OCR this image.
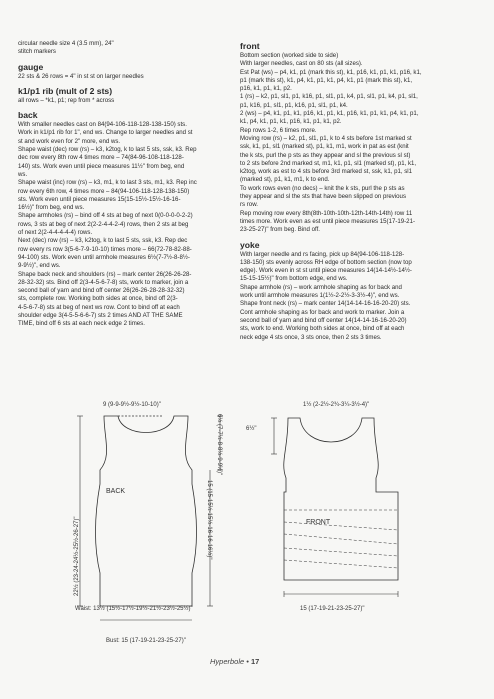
circular needle size 4 (3.5 mm), 24"

stitch markers

gauge

22 sts & 26 rows = 4" in st st on larger needles

k1/p1 rib (mult of 2 sts)

all rows – *k1, p1; rep from * across

back

With smaller needles cast on 84(94-106-118-128-138-150) sts.

Work in k1/p1 rib for 1", end ws. Change to larger needles and st

st and work even for 2" more, end ws.

Shape waist (dec) row (rs) – k3, k2tog, k to last 5 sts, ssk, k3. Rep

dec row every 8th row 4 times more – 74(84-96-108-118-128-

140) sts. Work even until piece measures 11½" from beg, end

ws.

Shape waist (inc) row (rs) – k3, m1, k to last 3 sts, m1, k3. Rep inc

row every 6th row, 4 times more – 84(94-106-118-128-138-150)

sts. Work even until piece measures 15(15-15½-15½-16-16-

16½)" from beg, end ws.

Shape armholes (rs) – bind off 4 sts at beg of next 0(0-0-0-0-2-2)

rows, 3 sts at beg of next 2(2-2-4-4-2-4) rows, then 2 sts at beg

of next 2(2-4-4-4-4-4) rows.

Next (dec) row (rs) – k3, k2tog, k to last 5 sts, ssk, k3. Rep dec

row every rs row 3(5-6-7-9-10-10) times more – 66(72-78-82-88-

94-100) sts. Work even until armhole measures 6½(7-7½-8-8½-

9-9½)", end ws.

Shape back neck and shoulders (rs) – mark center 26(26-26-28-

28-32-32) sts. Bind off 2(3-4-5-6-7-8) sts, work to marker, join a

second ball of yarn and bind off center 26(26-26-28-28-32-32)

sts, complete row. Working both sides at once, bind off 2(3-

4-5-6-7-8) sts at beg of next ws row. Cont to bind off at each

shoulder edge 3(4-5-5-6-6-7) sts 2 times AND AT THE SAME

TIME, bind off 6 sts at each neck edge 2 times.

front

Bottom section (worked side to side)

With larger needles, cast on 80 sts (all sizes).

Est Pat (ws) – p4, k1, p1 (mark this st), k1, p16, k1, p1, k1, p16, k1,

p1 (mark this st), k1, p4, k1, p1, k1, p4, k1, p1 (mark this st), k1,

p16, k1, p1, k1, p2.

1 (rs) – k2, p1, sl1, p1, k16, p1, sl1, p1, k4, p1, sl1, p1, k4, p1, sl1,

p1, k16, p1, sl1, p1, k16, p1, sl1, p1, k4.

2 (ws) – p4, k1, p1, k1, p16, k1, p1, k1, p16, k1, p1, k1, p4, k1, p1,

k1, p4, k1, p1, k1, p16, k1, p1, k1, p2.

Rep rows 1-2, 6 times more.

Moving row (rs) – k2, p1, sl1, p1, k to 4 sts before 1st marked st

ssk, k1, p1, sl1 (marked st), p1, k1, m1, work in pat as est (knit

the k sts, purl the p sts as they appear and sl the previous sl st)

to 2 sts before 2nd marked st, m1, k1, p1, sl1 (marked st), p1, k1,

k2tog, work as est to 4 sts before 3rd marked st, ssk, k1, p1, sl1

(marked st), p1, k1, m1, k to end.

To work rows even (no decs) – knit the k sts, purl the p sts as

they appear and sl the sts that have been slipped on previous

rs row.

Rep moving row every 8th(8th-10th-10th-12th-14th-14th) row 11

times more. Work even as est until piece measures 15(17-19-21-

23-25-27)" from beg. Bind off.

yoke

With larger needle and rs facing, pick up 84(94-106-118-128-

138-150) sts evenly across RH edge of bottom section (now top

edge). Work even in st st until piece measures 14(14-14½-14½-

15-15-15½)" from bottom edge, end ws.

Shape armhole (rs) – work armhole shaping as for back and

work until armhole measures 1(1½-2-2½-3-3½-4)", end ws.

Shape front neck (rs) – mark center 14(14-14-16-16-20-20) sts.

Cont armhole shaping as for back and work to marker. Join a

second ball of yarn and bind off center 14(14-14-16-16-20-20)

sts, work to end. Working both sides at once, bind off at each

neck edge 4 sts once, 3 sts once, then 2 sts 3 times.

9 (9-9-9½-9½-10-10)"
BACK
22½ (23-24-24½-25½-26-27)"
6½ (7-7½-8-8½-9-9½)"
15 (15-15½-15½-16-16-16½)"
Waist: 13½ (15½-17½-19½-21½-23½-25½)"
Bust: 15 (17-19-21-23-25-27)"
1½ (2-2½-2¾-3¼-3½-4)"
6½"
FRONT
15 (17-19-21-23-25-27)"
Hyperbole • 17
